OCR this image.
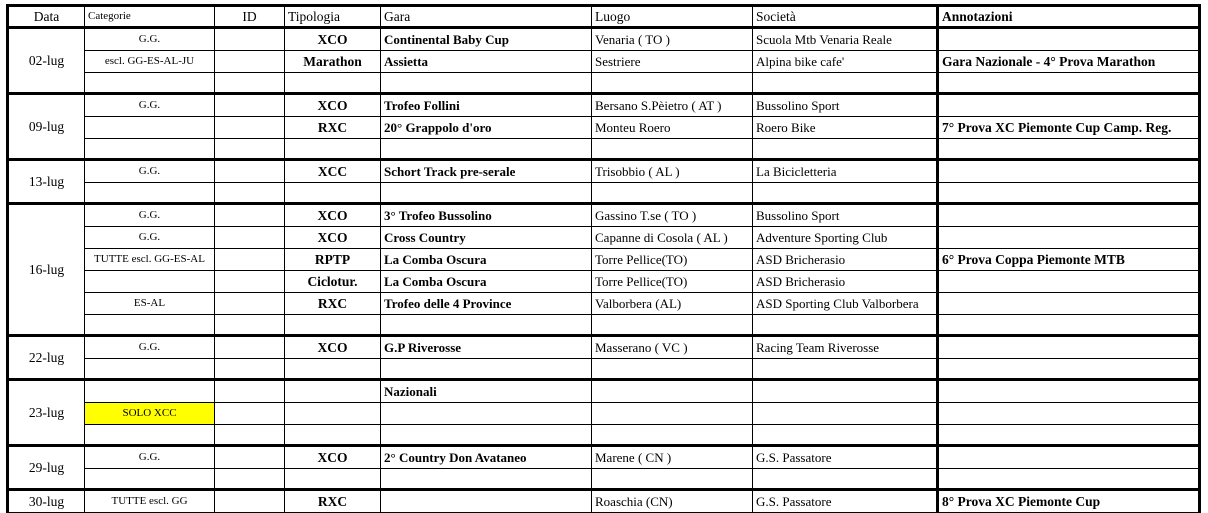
Data	Categorie	ID	Tipologia	Gara	Luogo	Società	Annotazioni
02-lug	G.G.		XCO	Continental Baby Cup	Venaria ( TO )	Scuola Mtb Venaria Reale	
	escl. GG-ES-AL-JU		Marathon	Assietta	Sestriere	Alpina bike cafe'	Gara Nazionale - 4° Prova Marathon

09-lug	G.G.		XCO	Trofeo Follini	Bersano S.Pèietro ( AT )	Bussolino Sport	
			RXC	20° Grappolo d'oro	Monteu Roero	Roero Bike	7° Prova XC Piemonte Cup Camp. Reg.

13-lug	G.G.		XCC	Schort Track pre-serale	Trisobbio ( AL )	La Bicicletteria	

16-lug	G.G.		XCO	3° Trofeo Bussolino	Gassino T.se ( TO )	Bussolino Sport	
	G.G.		XCO	Cross Country	Capanne di Cosola ( AL )	Adventure Sporting Club	
	TUTTE escl. GG-ES-AL		RPTP	La Comba Oscura	Torre Pellice(TO)	ASD Bricherasio	6° Prova Coppa Piemonte MTB
			Ciclotur.	La Comba Oscura	Torre Pellice(TO)	ASD Bricherasio	
	ES-AL		RXC	Trofeo delle 4 Province	Valborbera (AL)	ASD Sporting Club Valborbera	

22-lug	G.G.		XCO	G.P Riverosse	Masserano ( VC )	Racing Team Riverosse	

23-lug				Nazionali			
	SOLO XCC						

29-lug	G.G.		XCO	2° Country Don Avataneo	Marene ( CN )	G.S. Passatore	

30-lug	TUTTE escl. GG		RXC		Roaschia (CN)	G.S. Passatore	8° Prova XC Piemonte Cup
